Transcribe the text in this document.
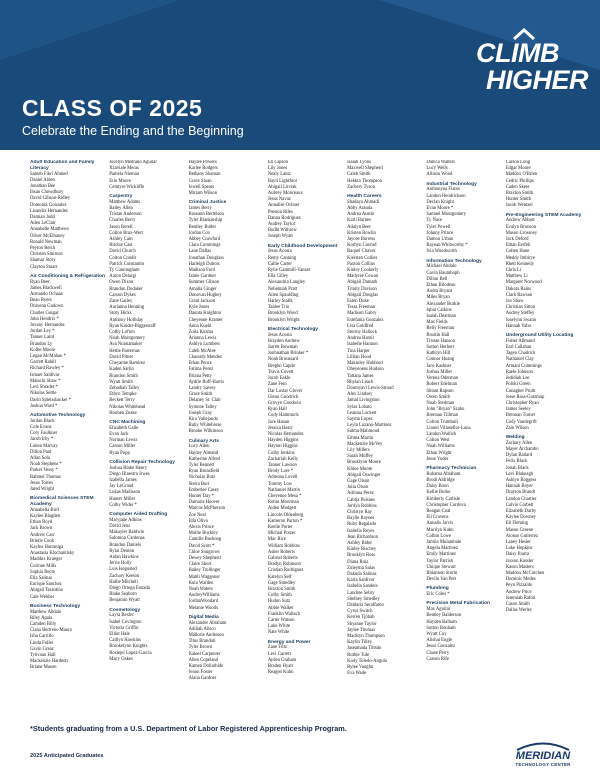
CLASS OF 2025

Celebrate the Ending and the Beginning

CLIMB
HIGHER
Adult Education and Family Literacy
Sameh Fikri Ahmed
Daniel Alden
Jonathan Bee
Ihsan Chowdhury
David Gibson-Ridley
Domonik Gonzalez
Lisandra Hernandez
Damian Judd
Aden LeClair
Annabelle Matthews
Oliver McElhaney
Ronald Newman
Peyton Reich
Christen Smirnov
Shamar Story
Clayton Stuart
Air Conditioning & Refrigeration
Ryan Beer
James Blackwell
Armando Ochaas
Beau Byers
Dravenn Godown
Charles Guigar
John Hendrix *
Jovany Hernandez
Jordan Ley *
Tanner Laird
Brandon Ly
Kolbe Moore
Logan McMahan *
Garrett Rahill
Richard Rawley *
Ismael Saldivar
Malachi Shaw *
Levi Shrader *
Nikolas Settle
Darin Spleissbacker *
Joshua Ward *
Automotive Technology
Jordan Black
Cole Evans
Cory Faulkner
Jacob Irby *
Loken Marvay
Dillon Paul
Allan Sola
Noah Stephens *
Parker Vessy *
Rahmel Thomas
Jesus Torres
Jared Wright
Biomedical Sciences STEM Academy
Annabella Bird
Kaylee Blagden
Ethan Boyd
Jack Brown
Andrew Carr
Brielle Cook
Kaylea Harraniga
Anastasia Klochanitsky
Maddox Krueger
Corinne Mills
Sophia Recto
Ella Salinas
Enrique Sanchez
Abigail Terantino
Cale Webber
Business Technology
Matthew Abdalo
Riley Apala
Camden Billy
Ciana Bertrens-Mauro
Isha Carrillo
Linda Fuller
Gavin Greaz
Tyhvaun Hall
Mackenzie Hardesty
Briane Mason
Jocelyn Medrano Aguilar
Xzaviale Meras
Pamela Nieman
Erin Moore
Cemtyre Wickliffe
Carpentry
Matthew Adams
Bailey Allen
Tristan Anderson
Charles Berry
Jason Borell
Colton Brax-Wert
Ashley Cain
Ritchie Cast
David Church
Colton Condit
Patrick Constantin
Ty Cunningham
Aaron Delargi
Owen Dixon
Brandon Dodaker
Carson Dykes
Zane Gailey
Aurianna Henning
Story Hicks
Anthony Holliday
Ryan Kinder-Biggerstaff
Colby Lofton
Noah Montgomery
Ava Nunnamaker
Hettie Pasternas
David Pitner
Cheyanne Ramirez
Kaden Sarlin
Brandon Smith
Wyatt Smith
Zebadiah Talley
Ethyn Tempke
Beckett Terry
Nikolas Whitehead
Hoohen Zeake
CNC Machining
Elizabeth Galle
Evan Jack
Norman Lewis
Carson Miller
Ryan Popp
Collision Repair Technology
Joshua Blake Henry
Diego Hinestro Irwes
Izabella James
Jay LeGrand
Lukas Madisson
Hunter Miller
Colby Wider *
Computer Aided Drafting
Maryjane Adkins
David Jenz
Makayler Baldwin
Salomon Cardenas
Brandon Daniels
Rylai Denton
Aidan Hawkins
Jerrie Holly
Luis Isogusted
Zachary Keeton
Hallie Mitchell
Diego Ortega Estrada
Blake Seaborn
Benjamin Wyatt
Cosmetology
Layra Bexler
Isabel Covington
Victoria Griffin
Elliot Hale
Caitlyn Hawkins
Brookelynn Knights
Rosiejel Lopez-Garcia
Macy Oakes
Haylee Powers
Karlee Rodgers
Bethany Shaman
Grace Sloan
Jewell Spears
Miriam Wilson
Criminal Justice
James Berry
Roseann Bertelson
Tyler Blankinship
Bentley Butler
Jordan Cox
Abbey Crawford
Clara Cummings
Lane Dallas
Jonathan Douglass
Harleigh Dubois
Madison Ford
Jamie Gardner
Summer Gibson
Amalia Ginger
Donovan Hughey
Grant Jackson
Kyle Jones
Daonta Knighton
Cheyenne Kramer
Anna Kuehl
Zoila Kuzma
Arianna Lewis
Ashlyn Lumbers
Caleb McAtee
Chassidy Mendez
Ethan Pence
Fatima Perez
Briana Petty
Aydrie Ruff-Harris
Landry Sawey
Grace Smith
Delaney St. Clair
Symone Talley
Joseph Gray
Kira Vallejando
Ruby Whitehorse
Brooke Wilkinson
Culinary Arts
Lucy Allen
Hayley Almand
Katherine Allred
Tyler Bennett
Ryan Brunsfield
Nicholas Butz
Sierra Burt
Emberlee Casey
Hunter Day *
Damaris Hoover
Marcos McPherson
Zoe Neal
Ella Olivo
Alexis Prince
Mollie Buckley
Camille Bushong
David Scott *
Chloe Snugrows
Dewey Shepherd
Claire Short
Bailey Trollinger
Mabli Waggoner
Kulu Warden
Noah Waters
AudreyWilliams
JordanWoodard
Melanie Woods
Digital Media
Alexander Abraham
Adiliah Allsco
Mallorie Anderson
Titus Brandoli
Tyler Brown
Kaleel Carpenter
Allen Copeland
Kamen Dollarhide
Jenon Foster
Alana Gardner
Eli Gipson
Lily Jones
Nealy Lantz
Bayli Lightfoot
Abigail Litviak
Aubrey Monceaux
Jesus Navaz
Annalise Ochner
Preston Riles
Danna Rodriguez
Audrey Taylor
Bodhi Withrow
Joseph Wyatt
Early Childhood Development
Jesus Acosta
Remy Canning
Callie Carter
Rylie Gammill-Vanzet
Ella Gilley
Alexandria Langley
Nehemiah Pratt
Ailen Spaulding
Harley Stalik
Tahlee Trio
Brooklyn Wood
Brooklyn Wright
Electrical Technology
Jesus Acosta
Brayden Andrew
Jarrett Bowman
Jonhnathan Brinker *
Noah Broussard
Breghn Caprie
Travis Covett
Jacob Eakle
Zane Fein
Dar Lostar Glover
Glenn Goodrich
Grovyn Goodwin
Ryan Hall
Cody Hammock
Jace Hanan
Jessica Hasty
Nicolas Hernandez
Hayden Higgins
Hayton Higgins
Colby Jenkins
Zachariah Kelly
Tanner Lawson
Brody Lore *
Adreona Lovell
Tommy Low
Nathaniel Martin
Cheyenne Mesa *
Robin Moorman
Aiden Mudgett
Lincoln Oldenberg
Kameron Parton *
Keelie Porter
Michial Potzer
Mac Rice
William Robbins
Asher Roberts
Gabriel Roberts
Bradyn Robinson
Cristian Rodriguez
Katelyn Self
Gage Smedley
Braxton Smith
Colby Smith
Hudon Sutz
Abbie Walker
Franklin Wallach
Carter Watson
Luke White
Nate White
Energy and Power
Zane Filtz
Levi Garrett
Ayden Graham
Braden Hyatt
Reagen Kuhn
Isaiah Lyons
Maxwell Shepherd
Caleb Smith
Hekkto Thompson
Zachery Tyson
Health Careers
Shadaya Ahmadi
Abby Arauda
Andrea Austin
Karli Barnes
Adalyn Beer
Kristen Bowlin
Jaycee Burress
Korbyn Conrad
Raquel Chavez
Kiersten Collier
Paxton Collins
Kinley Cookerly
Madyree Cowan
Abigail Damath
Trinity Davison
Abigail Douglas
Esten Duke
Tessa Freeman
Madison Gabry
Estefania Gonzalez
Lisa Goldfred
Stormy Hallock
Andrea Hamil
Isabelle Hannon
Tina Harper
Lillian Hood
Makinley Hubbard
Oheyenens Hudson
Tattana James
Rhylan Leach
Dontoyavi Lewis-Stroud
Alex Lindsey
Jamal Livingston
Sylas Lobato
Leanna Lockett
Sayma Lopez
Leyla Lozano-Martinez
Salma Mahmoud
Emma Martin
Mackenzie McVey
Lily Millers
Sarah Moffey
Brooklynn Moore
Khloe Moore
Abigail Oswinger
Gage Olson
Julia Olson
Adriana Perez
Cabija Pulsnes
Jordyn Robbins
Christyn Ray
Baylie Raynes
Ruby Regalado
Isabella Reyes
Jean Richardson
Ashley Rider
Kinley Rischey
Brooklyn Ross
Diana Ruiz
Zuleyma Salas
Dakoda Salinas
Karla Saldivar
Isabella Sanders
Landree Sebry
Shelbey Smedley
Daldaria Seraffamo
Cyrus Switch
Kerren Tjohab
Shyanne Taylor
Jaylee Thomas
Madisyn Thompson
Kaylin Tilley
Jaseamada Tittsdo
Ruthie Tule
Kody Toledo-Angulo
Rylee Vaughn
Eva Wade
Danica Walters
Lucy Wells
Allison Wood
Industrial Technology
Anthonyna Flatos
Landon Hendricksen
Declan Knight
Evan Moore *
Samuel Montgomery
Ty Nace
Tyler Powell
Johnny Prince
Damon Urban
Rayean Whitworthy *
Ivia Woodworth
Information Technology
Michael Abdalo
Gavin Baumhoph
Dillon Bell
Ethan Bilodeau
Audra Bryant
Miles Bryan
Alexander Burkle
Iqbal Calkins
Isaiah Dearman
Max Fields
Reily Freeman
Brustin Hall
Tristan Hanson
Sutton Herbert
Kathryn Hill
Connor Hoang
Jace Kashner
Joshua Miller
Verena Oderman
Robert Edelman
Shlam Rapson
Owen Smith
Noah Stedman
John "Bryan" Szabo
Brennan Tillman
Colton Trumbull
Lionel Villasefior-Luna
Landon Wallick
Colton West
Noah Williams
Ethan Wright
Jesse Yoder
Pharmacy Technician
Ruhama Abraham
Brodi Aldridge
Daisy Boon
Kellie Burke
Kimberly Carlisle
Christopher Cordova
Reagan Coal
Eli Cravens
Annalis Jarvis
Macilyn Kuhn
Colbin Lowe
Jamila Mulambale
Angela Martinez
Emily Martinez
Taylor Parrish
Unique Stewart
Rhiannon Storm
Devlin Van Pelt
Plumbing
Eric Coles *
Precision Metal Fabrication
Max Aguilar
Bentley Balderson
Hayden Balham
Sutton Bonham
Wyatt Coy
Alishai Engle
Jesus Gonzalez
Chase Perry
Carson Rife
Carson Long
Edgar Moore
Maddox O'Brien
Cedric Phillips
Caden Skeet
Braxton Smith
Hunter Smith
Jacob Wentzel
Pre-Engineering STEM Academy
Andrew Abbott
Evalyn Bronson
Mason Crossney
Jack Deford
Ethan Eerfeb
Colten Hane
Meddy Imbirye
Rhett Kennedy
Chris Li
Matthew Li
Margaret Norwood
Dakota Rains
Clark Rawson
Jax Shaw
Christian Sitton
Audrey Steffey
Joselynn Swann
Hannah Yabo
Underground Utility Locating
Fisher Allmand
Earl Callahan
Tagen Chadrick
Nathaniel Clay
Armani Cummings
Raele Johnson
Jedidiah Lee
Poloki Green
Conagher Pruitt
Jesse Ross-Gutzmap
Christopher Ryan
James Seeley
Brennan Turner
Cody Vandegrift
Zain Wilson
Welding
Zachary Allen
Mayer Archambo
Dylan Ballard
Felix Black
Jonah Black
Levi Blakeagh
Ashlyn Boggess
Hannah Boyer
Drayton Brandt
Landon Chartier
Calvin Corbett
Elizabeth Darby
Kaylee Downey
Eli Fleming
Mason Greene
Alonso Gutierrez
Laney Hesler
Luke Hopkins
Daisy Ibarra
Jaxson Kassler
Kason Masters
Maddox McCutchen
Dominic Medes
Peyn Pizzaldo
Andrew Price
Jeremiah Rafon
Cason Smith
Dallas Werley

*Students graduating from a U.S. Department of Labor Registered Apprenticeship Program.

2025 Anticipated Graduates	MERIDIAN
TECHNOLOGY CENTER
